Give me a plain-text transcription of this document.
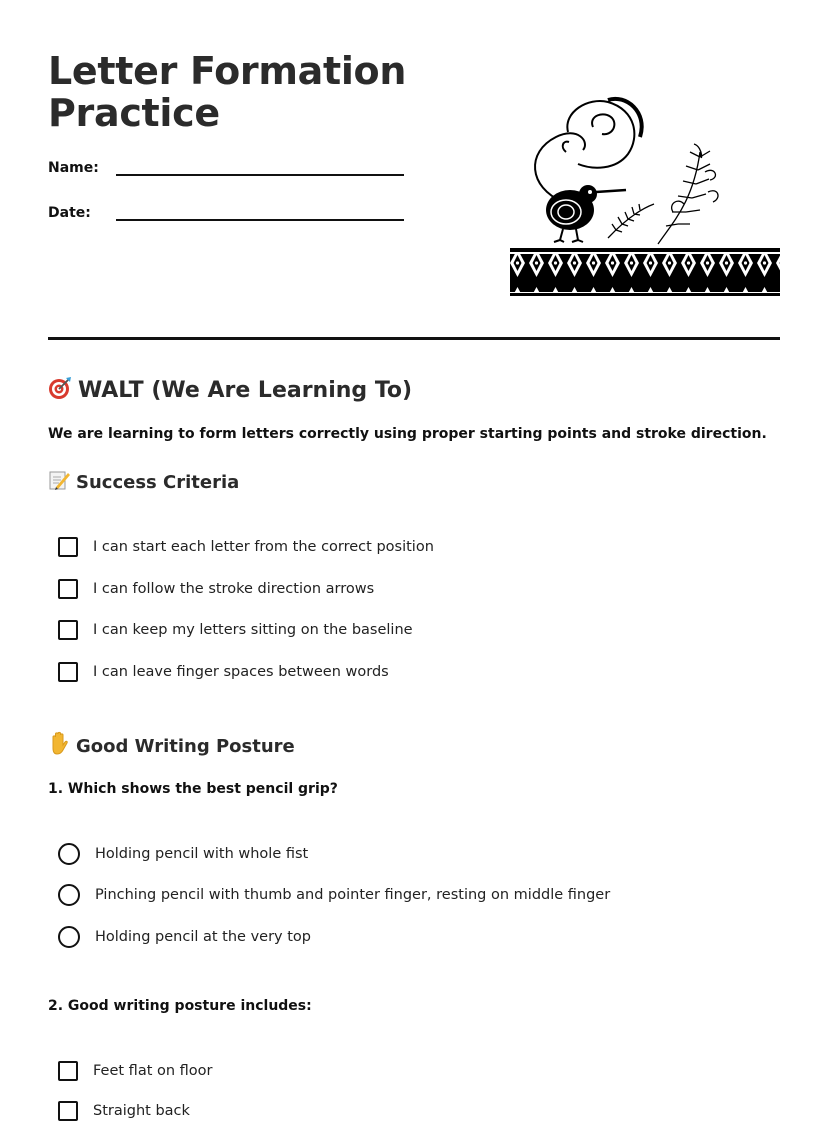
Letter Formation
Practice
Name:
Date:
WALT (We Are Learning To)
We are learning to form letters correctly using proper starting points and stroke direction.
Success Criteria
I can start each letter from the correct position
I can follow the stroke direction arrows
I can keep my letters sitting on the baseline
I can leave finger spaces between words
Good Writing Posture
1. Which shows the best pencil grip?
Holding pencil with whole fist
Pinching pencil with thumb and pointer finger, resting on middle finger
Holding pencil at the very top
2. Good writing posture includes:
Feet flat on floor
Straight back
